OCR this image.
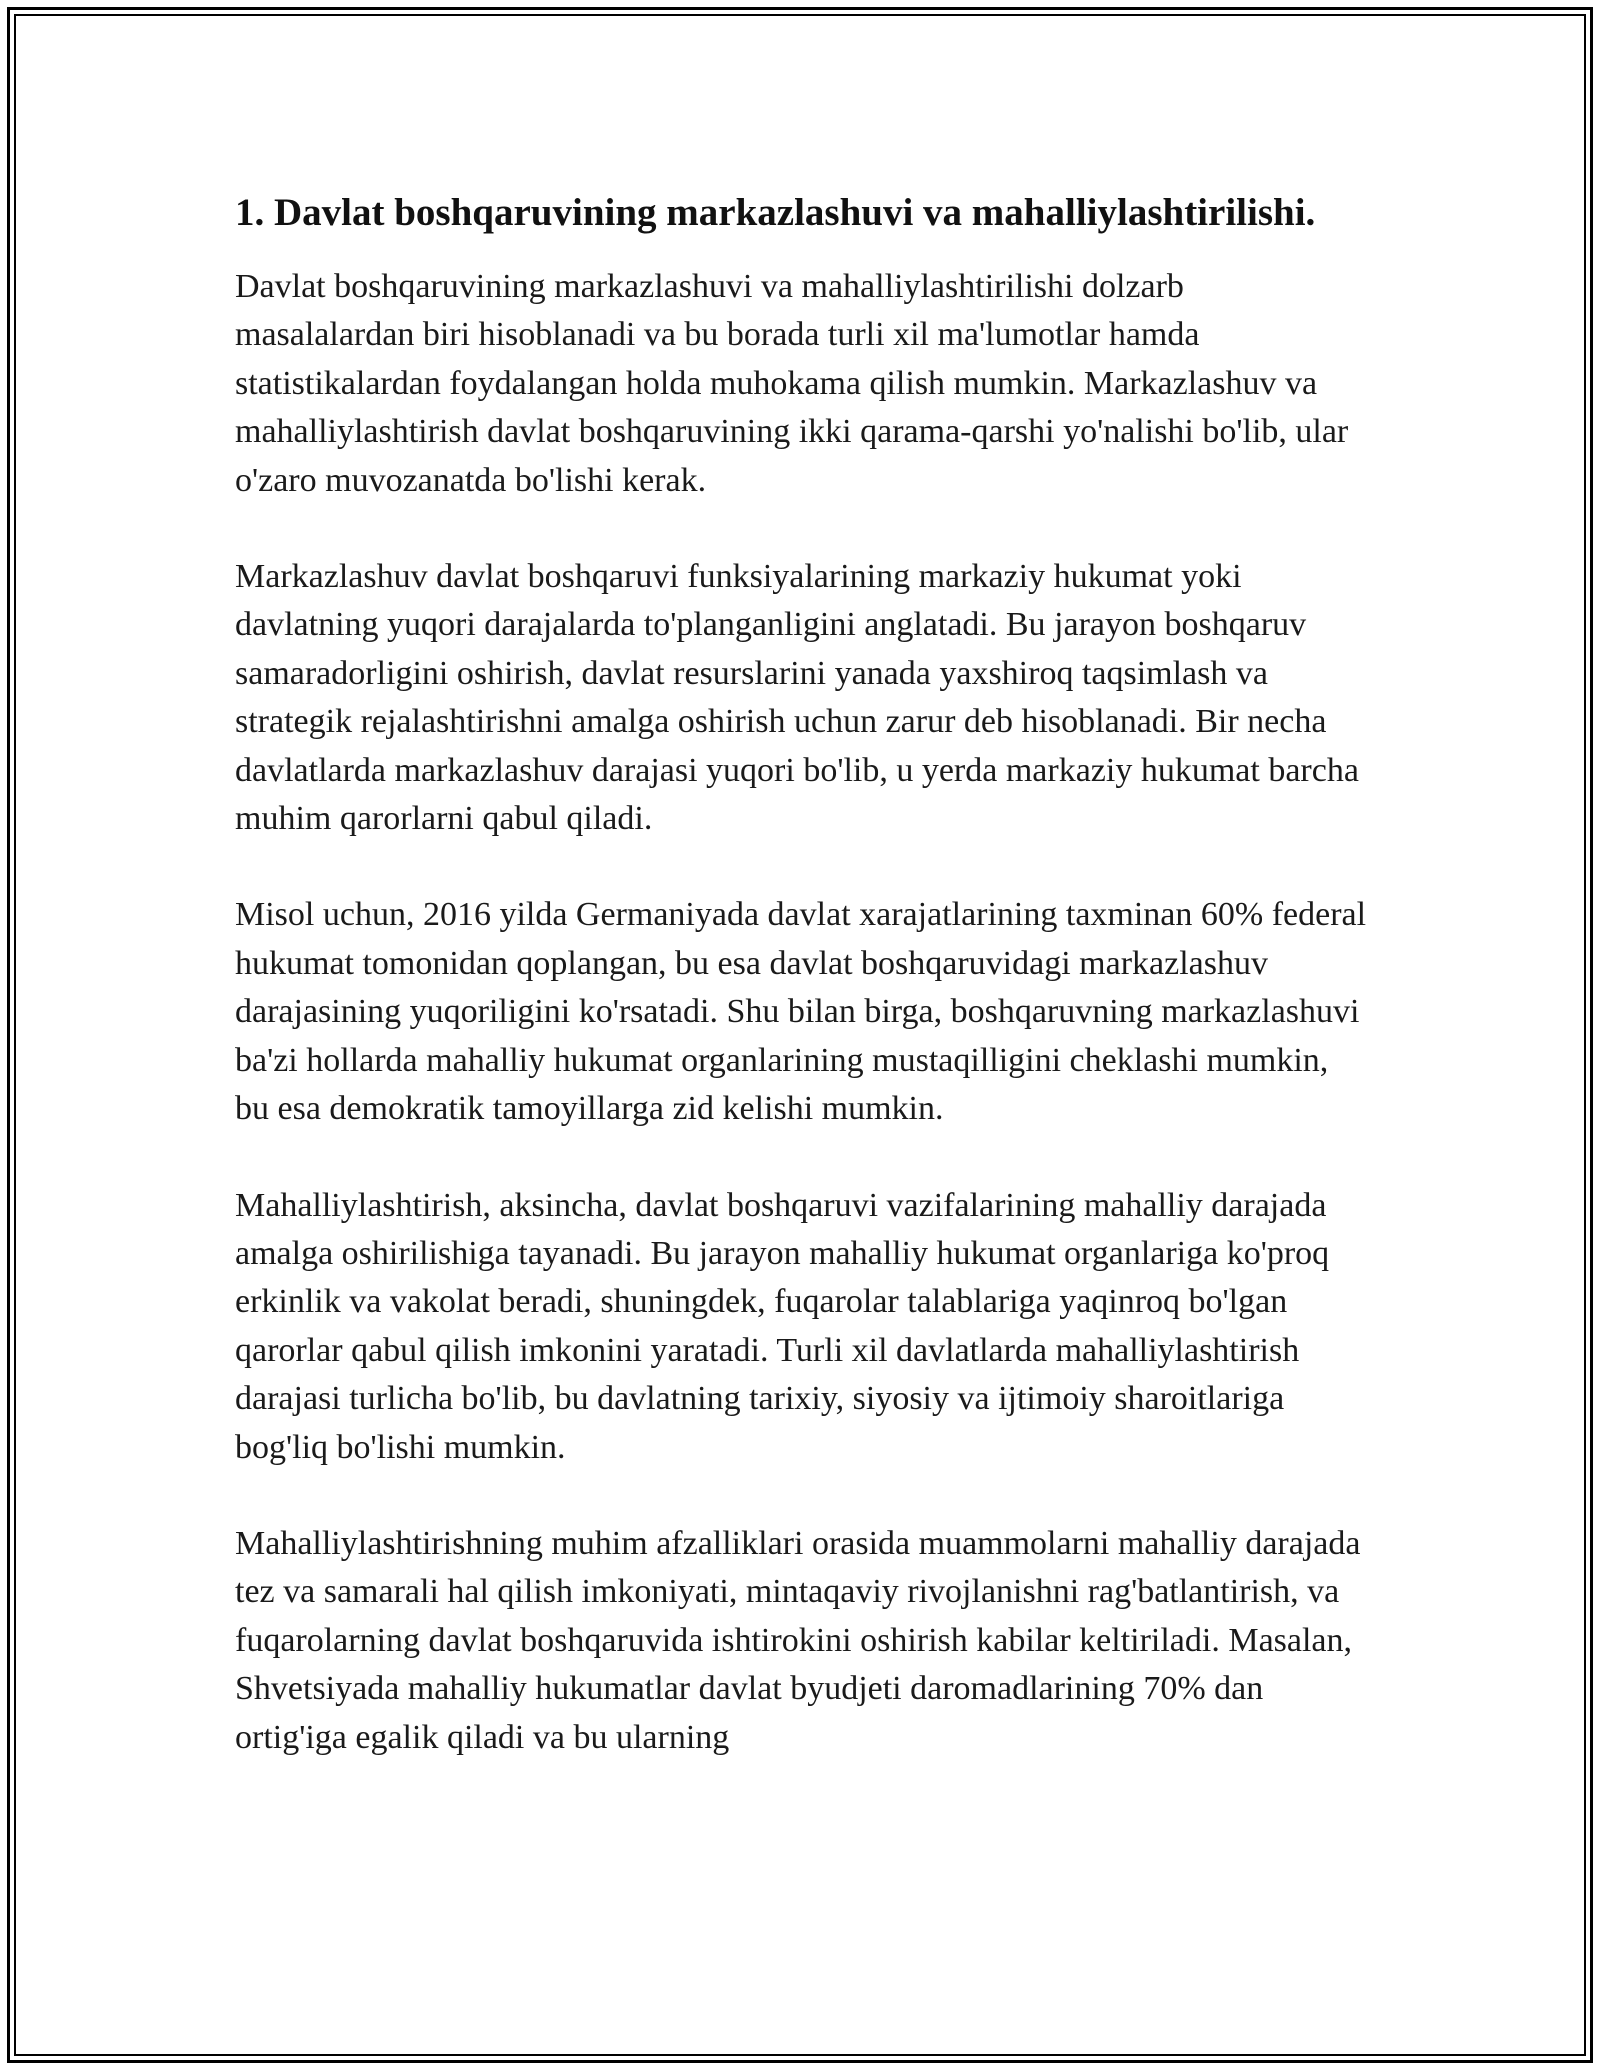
1. Davlat boshqaruvining markazlashuvi va mahalliylashtirilishi.

Davlat boshqaruvining markazlashuvi va mahalliylashtirilishi dolzarb masalalardan biri hisoblanadi va bu borada turli xil ma'lumotlar hamda statistikalardan foydalangan holda muhokama qilish mumkin. Markazlashuv va mahalliylashtirish davlat boshqaruvining ikki qarama-qarshi yo'nalishi bo'lib, ular o'zaro muvozanatda bo'lishi kerak.

Markazlashuv davlat boshqaruvi funksiyalarining markaziy hukumat yoki davlatning yuqori darajalarda to'planganligini anglatadi. Bu jarayon boshqaruv samaradorligini oshirish, davlat resurslarini yanada yaxshiroq taqsimlash va strategik rejalashtirishni amalga oshirish uchun zarur deb hisoblanadi. Bir necha davlatlarda markazlashuv darajasi yuqori bo'lib, u yerda markaziy hukumat barcha muhim qarorlarni qabul qiladi.

Misol uchun, 2016 yilda Germaniyada davlat xarajatlarining taxminan 60% federal hukumat tomonidan qoplangan, bu esa davlat boshqaruvidagi markazlashuv darajasining yuqoriligini ko'rsatadi. Shu bilan birga, boshqaruvning markazlashuvi ba'zi hollarda mahalliy hukumat organlarining mustaqilligini cheklashi mumkin, bu esa demokratik tamoyillarga zid kelishi mumkin.

Mahalliylashtirish, aksincha, davlat boshqaruvi vazifalarining mahalliy darajada amalga oshirilishiga tayanadi. Bu jarayon mahalliy hukumat organlariga ko'proq erkinlik va vakolat beradi, shuningdek, fuqarolar talablariga yaqinroq bo'lgan qarorlar qabul qilish imkonini yaratadi. Turli xil davlatlarda mahalliylashtirish darajasi turlicha bo'lib, bu davlatning tarixiy, siyosiy va ijtimoiy sharoitlariga bog'liq bo'lishi mumkin.

Mahalliylashtirishning muhim afzalliklari orasida muammolarni mahalliy darajada tez va samarali hal qilish imkoniyati, mintaqaviy rivojlanishni rag'batlantirish, va fuqarolarning davlat boshqaruvida ishtirokini oshirish kabilar keltiriladi. Masalan, Shvetsiyada mahalliy hukumatlar davlat byudjeti daromadlarining 70% dan ortig'iga egalik qiladi va bu ularning
